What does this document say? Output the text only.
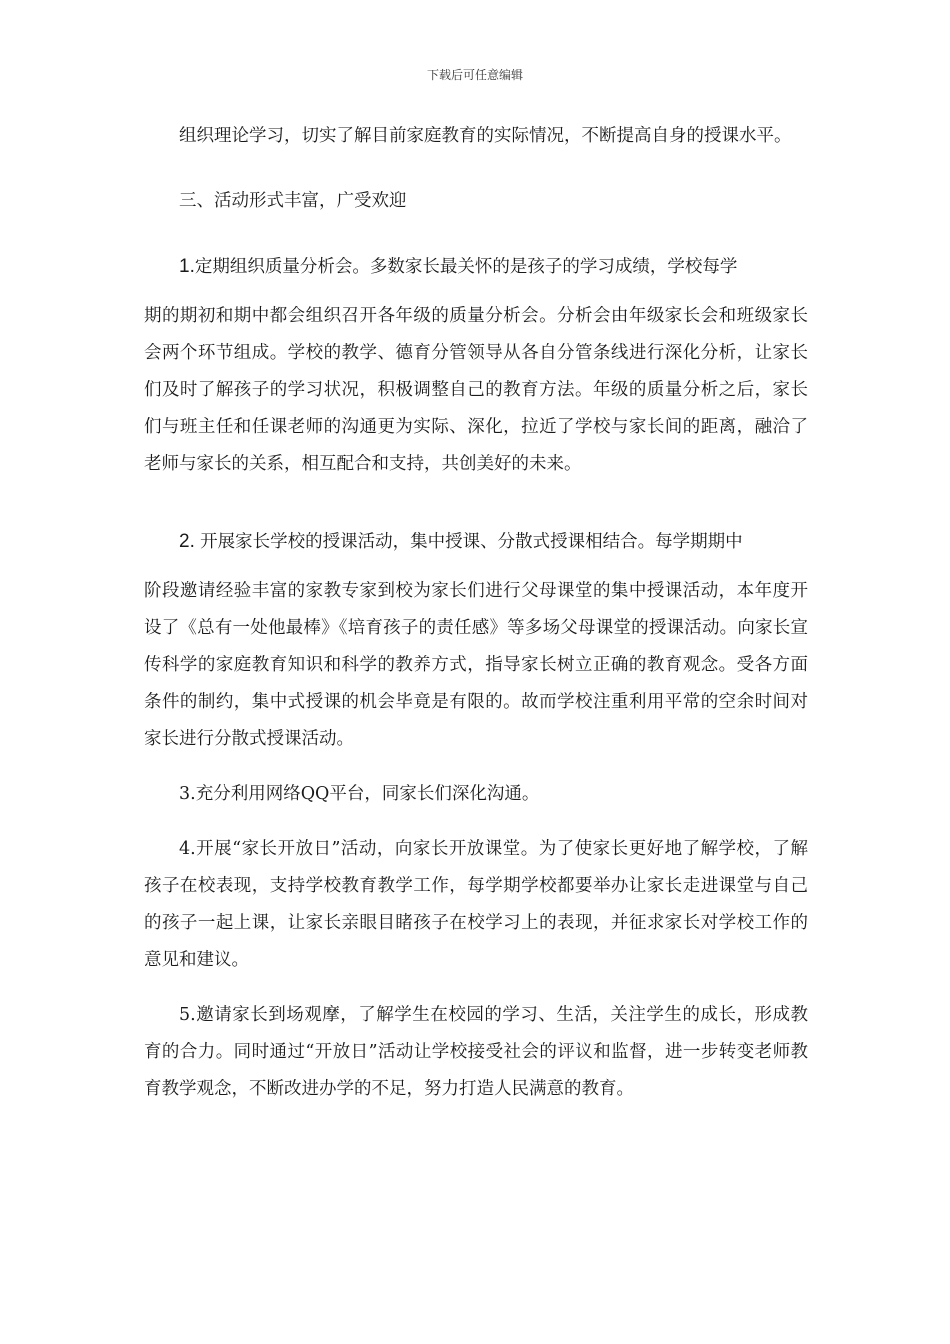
下载后可任意编辑

组织理论学习，切实了解目前家庭教育的实际情况，不断提高自身的授课水平。

三、活动形式丰富，广受欢迎

1.定期组织质量分析会。多数家长最关怀的是孩子的学习成绩，学校每学
期的期初和期中都会组织召开各年级的质量分析会。分析会由年级家长会和班级家长会两个环节组成。学校的教学、德育分管领导从各自分管条线进行深化分析，让家长们及时了解孩子的学习状况，积极调整自己的教育方法。年级的质量分析之后，家长们与班主任和任课老师的沟通更为实际、深化，拉近了学校与家长间的距离，融洽了老师与家长的关系，相互配合和支持，共创美好的未来。
2. 开展家长学校的授课活动，集中授课、分散式授课相结合。每学期期中
阶段邀请经验丰富的家教专家到校为家长们进行父母课堂的集中授课活动，本年度开设了《总有一处他最棒》《培育孩子的责任感》等多场父母课堂的授课活动。向家长宣传科学的家庭教育知识和科学的教养方式，指导家长树立正确的教育观念。受各方面条件的制约，集中式授课的机会毕竟是有限的。故而学校注重利用平常的空余时间对家长进行分散式授课活动。

3.充分利用网络QQ平台，同家长们深化沟通。

4.开展“家长开放日”活动，向家长开放课堂。为了使家长更好地了解学校，了解孩子在校表现，支持学校教育教学工作，每学期学校都要举办让家长走进课堂与自己的孩子一起上课，让家长亲眼目睹孩子在校学习上的表现，并征求家长对学校工作的意见和建议。

5.邀请家长到场观摩，了解学生在校园的学习、生活，关注学生的成长，形成教育的合力。同时通过“开放日”活动让学校接受社会的评议和监督，进一步转变老师教育教学观念，不断改进办学的不足，努力打造人民满意的教育。
